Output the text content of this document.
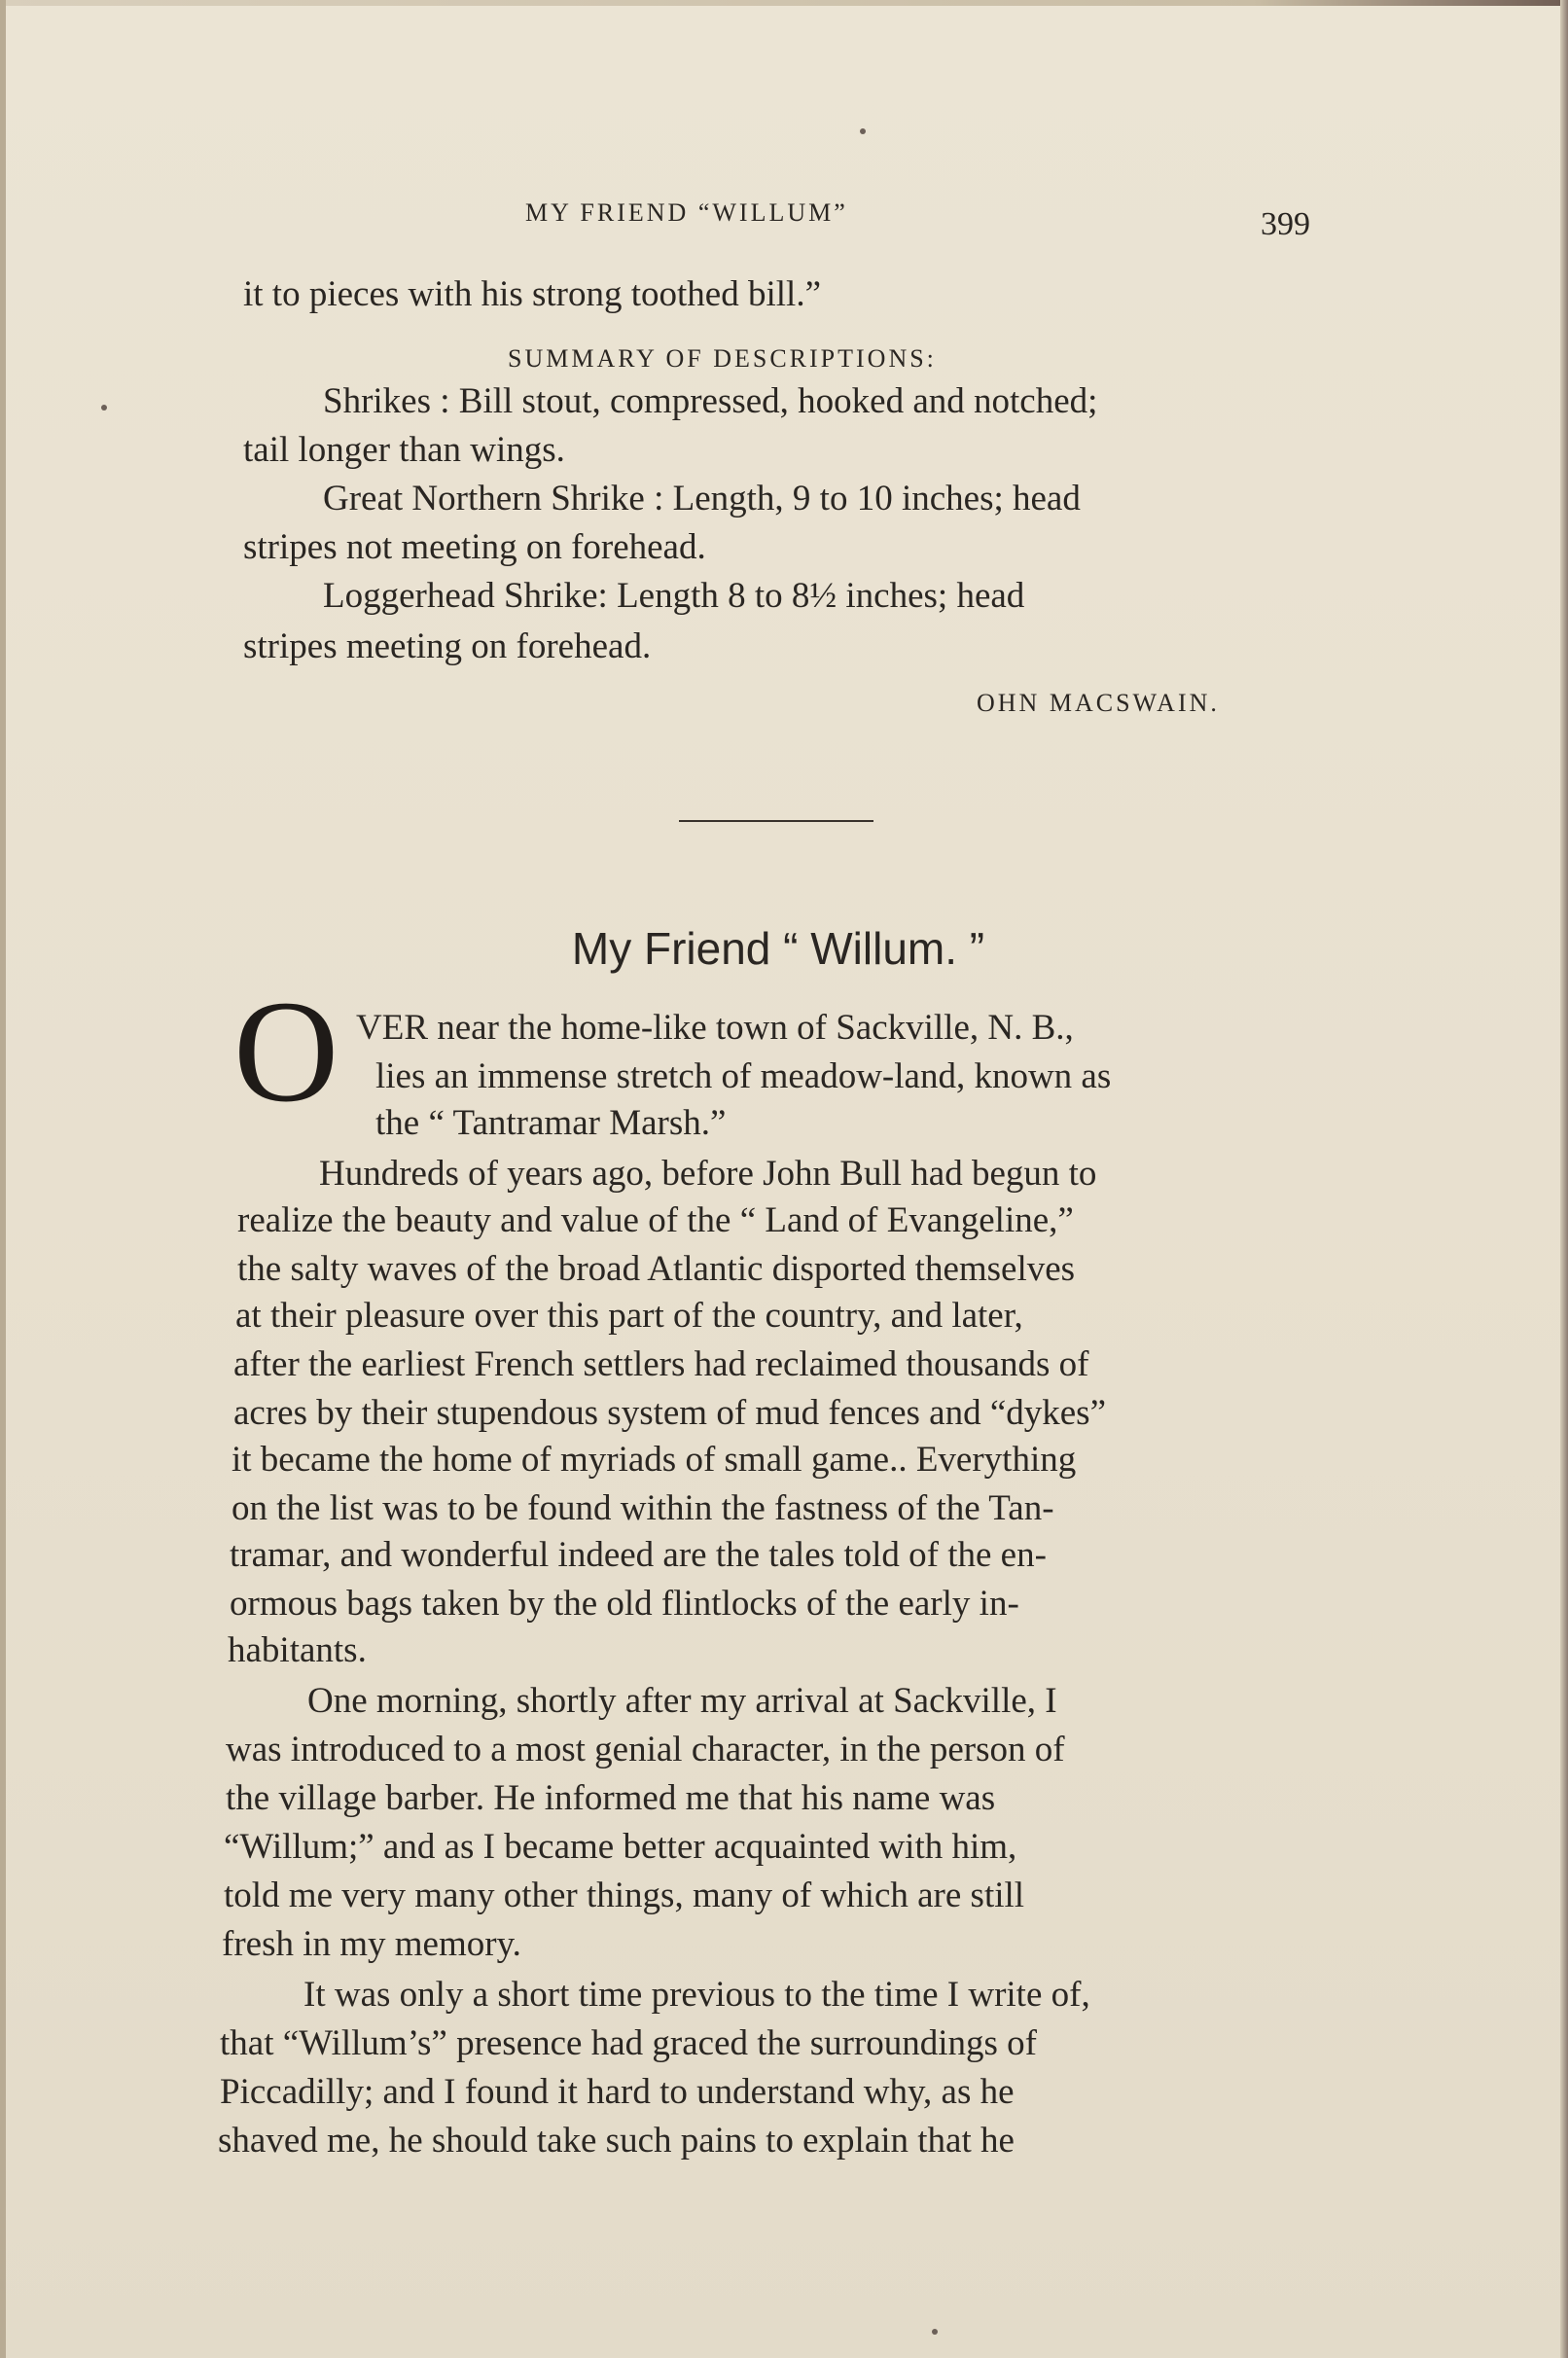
MY FRIEND “WILLUM”	399
it to pieces with his strong toothed bill.”
SUMMARY OF DESCRIPTIONS:
Shrikes : Bill stout, compressed, hooked and notched;
tail longer than wings.
Great Northern Shrike : Length, 9 to 10 inches; head
stripes not meeting on forehead.
Loggerhead Shrike: Length 8 to 8½ inches; head
stripes meeting on forehead.
OHN MACSWAIN.
My Friend “ Willum. ”
O VER near the home-like town of Sackville, N. B.,
lies an immense stretch of meadow-land, known as
the “ Tantramar Marsh.”
Hundreds of years ago, before John Bull had begun to
realize the beauty and value of the “ Land of Evangeline,”
the salty waves of the broad Atlantic disported themselves
at their pleasure over this part of the country, and later,
after the earliest French settlers had reclaimed thousands of
acres by their stupendous system of mud fences and “dykes”
it became the home of myriads of small game.. Everything
on the list was to be found within the fastness of the Tan-
tramar, and wonderful indeed are the tales told of the en-
ormous bags taken by the old flintlocks of the early in-
habitants.
One morning, shortly after my arrival at Sackville, I
was introduced to a most genial character, in the person of
the village barber. He informed me that his name was
“Willum;” and as I became better acquainted with him,
told me very many other things, many of which are still
fresh in my memory.
It was only a short time previous to the time I write of,
that “Willum’s” presence had graced the surroundings of
Piccadilly; and I found it hard to understand why, as he
shaved me, he should take such pains to explain that he
